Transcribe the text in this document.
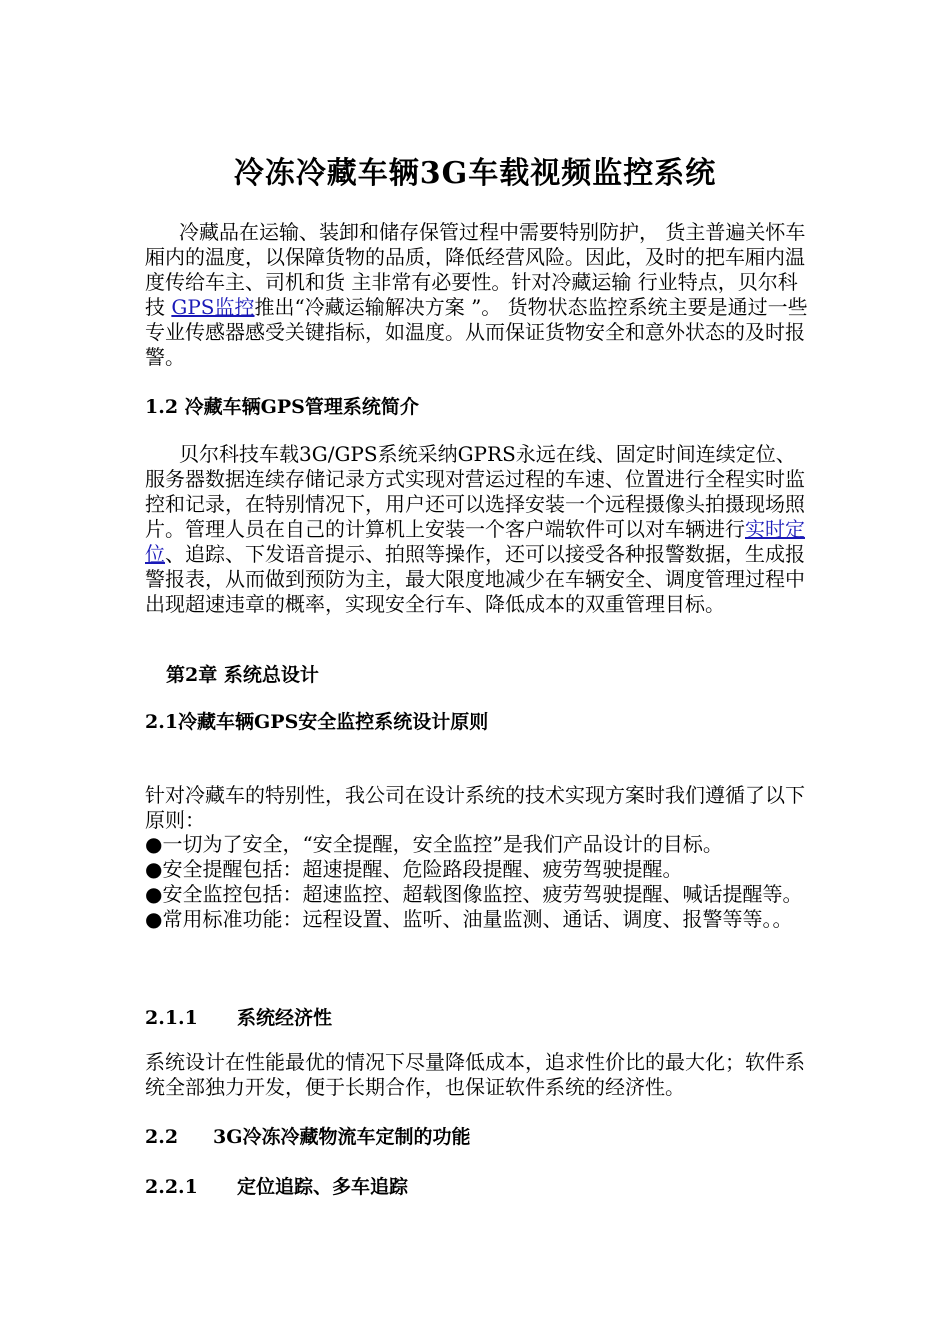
冷冻冷藏车辆3G车载视频监控系统

冷藏品在运输、装卸和储存保管过程中需要特别防护， 货主普遍关怀车厢内的温度，以保障货物的品质，降低经营风险。因此，及时的把车厢内温度传给车主、司机和货 主非常有必要性。针对冷藏运输 行业特点，贝尔科技 GPS监控推出“冷藏运输解决方案 ”。 货物状态监控系统主要是通过一些专业传感器感受关键指标，如温度。从而保证货物安全和意外状态的及时报警。

1.2 冷藏车辆GPS管理系统简介

贝尔科技车载3G/GPS系统采纳GPRS永远在线、固定时间连续定位、服务器数据连续存储记录方式实现对营运过程的车速、位置进行全程实时监控和记录，在特别情况下，用户还可以选择安装一个远程摄像头拍摄现场照片。管理人员在自己的计算机上安装一个客户端软件可以对车辆进行实时定位、追踪、下发语音提示、拍照等操作，还可以接受各种报警数据，生成报警报表，从而做到预防为主，最大限度地减少在车辆安全、调度管理过程中出现超速违章的概率，实现安全行车、降低成本的双重管理目标。

第2章 系统总设计
2.1冷藏车辆GPS安全监控系统设计原则

针对冷藏车的特别性，我公司在设计系统的技术实现方案时我们遵循了以下原则：

●一切为了安全，“安全提醒，安全监控”是我们产品设计的目标。
●安全提醒包括：超速提醒、危险路段提醒、疲劳驾驶提醒。
●安全监控包括：超速监控、超载图像监控、疲劳驾驶提醒、喊话提醒等。
●常用标准功能：远程设置、监听、油量监测、通话、调度、报警等等。。
2.1.1 系统经济性

系统设计在性能最优的情况下尽量降低成本，追求性价比的最大化；软件系统全部独力开发，便于长期合作，也保证软件系统的经济性。

2.2 3G冷冻冷藏物流车定制的功能
2.2.1 定位追踪、多车追踪
